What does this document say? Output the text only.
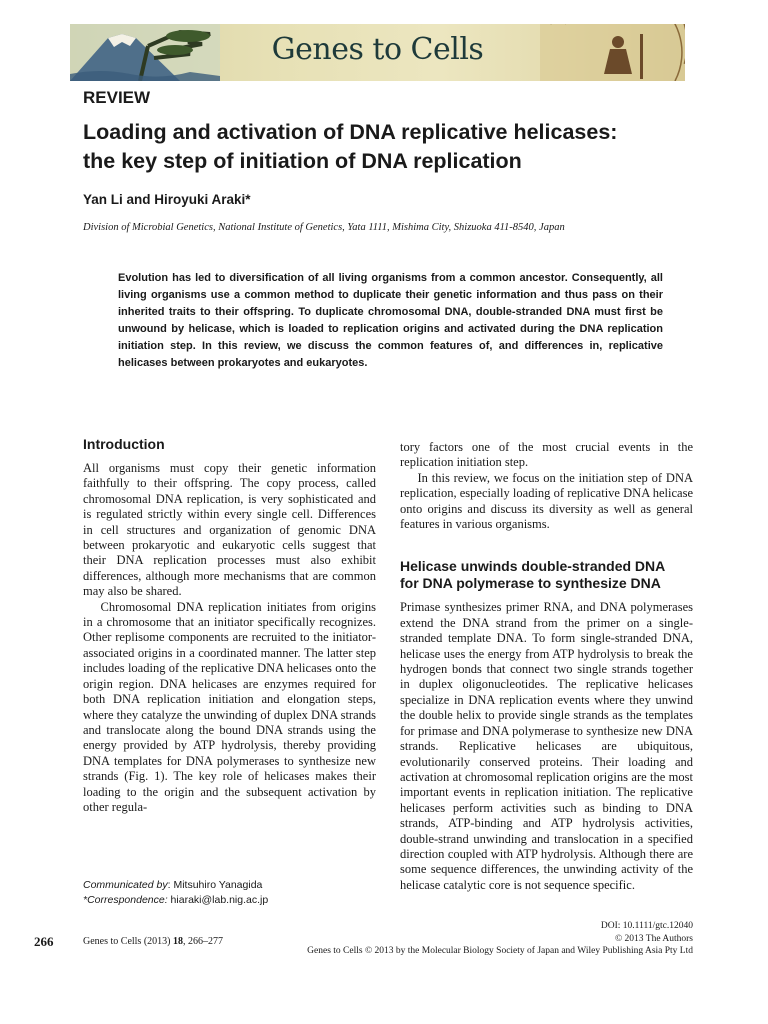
Genes to Cells
REVIEW
Loading and activation of DNA replicative helicases:
the key step of initiation of DNA replication
Yan Li and Hiroyuki Araki*
Division of Microbial Genetics, National Institute of Genetics, Yata 1111, Mishima City, Shizuoka 411-8540, Japan

Evolution has led to diversification of all living organisms from a common ancestor. Consequently, all living organisms use a common method to duplicate their genetic information and thus pass on their inherited traits to their offspring. To duplicate chromosomal DNA, double-stranded DNA must first be unwound by helicase, which is loaded to replication origins and activated during the DNA replication initiation step. In this review, we discuss the common features of, and differences in, replicative helicases between prokaryotes and eukaryotes.

Introduction

All organisms must copy their genetic information faithfully to their offspring. The copy process, called chromosomal DNA replication, is very sophisticated and is regulated strictly within every single cell. Differences in cell structures and organization of genomic DNA between prokaryotic and eukaryotic cells suggest that their DNA replication processes must also exhibit differences, although more mechanisms that are common may also be shared.

Chromosomal DNA replication initiates from origins in a chromosome that an initiator specifically recognizes. Other replisome components are recruited to the initiator-associated origins in a coordinated manner. The latter step includes loading of the replicative DNA helicases onto the origin region. DNA helicases are enzymes required for both DNA replication initiation and elongation steps, where they catalyze the unwinding of duplex DNA strands and translocate along the bound DNA strands using the energy provided by ATP hydrolysis, thereby providing DNA templates for DNA polymerases to synthesize new strands (Fig. 1). The key role of helicases makes their loading to the origin and the subsequent activation by other regula-

tory factors one of the most crucial events in the replication initiation step.

In this review, we focus on the initiation step of DNA replication, especially loading of replicative DNA helicase onto origins and discuss its diversity as well as general features in various organisms.

Helicase unwinds double-stranded DNA
for DNA polymerase to synthesize DNA

Primase synthesizes primer RNA, and DNA polymerases extend the DNA strand from the primer on a single-stranded template DNA. To form single-stranded DNA, helicase uses the energy from ATP hydrolysis to break the hydrogen bonds that connect two single strands together in duplex oligonucleotides. The replicative helicases specialize in DNA replication events where they unwind the double helix to provide single strands as the templates for primase and DNA polymerase to synthesize new DNA strands. Replicative helicases are ubiquitous, evolutionarily conserved proteins. Their loading and activation at chromosomal replication origins are the most important events in replication initiation. The replicative helicases perform activities such as binding to DNA strands, ATP-binding and ATP hydrolysis activities, double-strand unwinding and translocation in a specified direction coupled with ATP hydrolysis. Although there are some sequence differences, the unwinding activity of the helicase catalytic core is not sequence specific.

Communicated by: Mitsuhiro Yanagida
*Correspondence: hiaraki@lab.nig.ac.jp
266	Genes to Cells (2013) 18, 266–277
DOI: 10.1111/gtc.12040
© 2013 The Authors
Genes to Cells © 2013 by the Molecular Biology Society of Japan and Wiley Publishing Asia Pty Ltd
